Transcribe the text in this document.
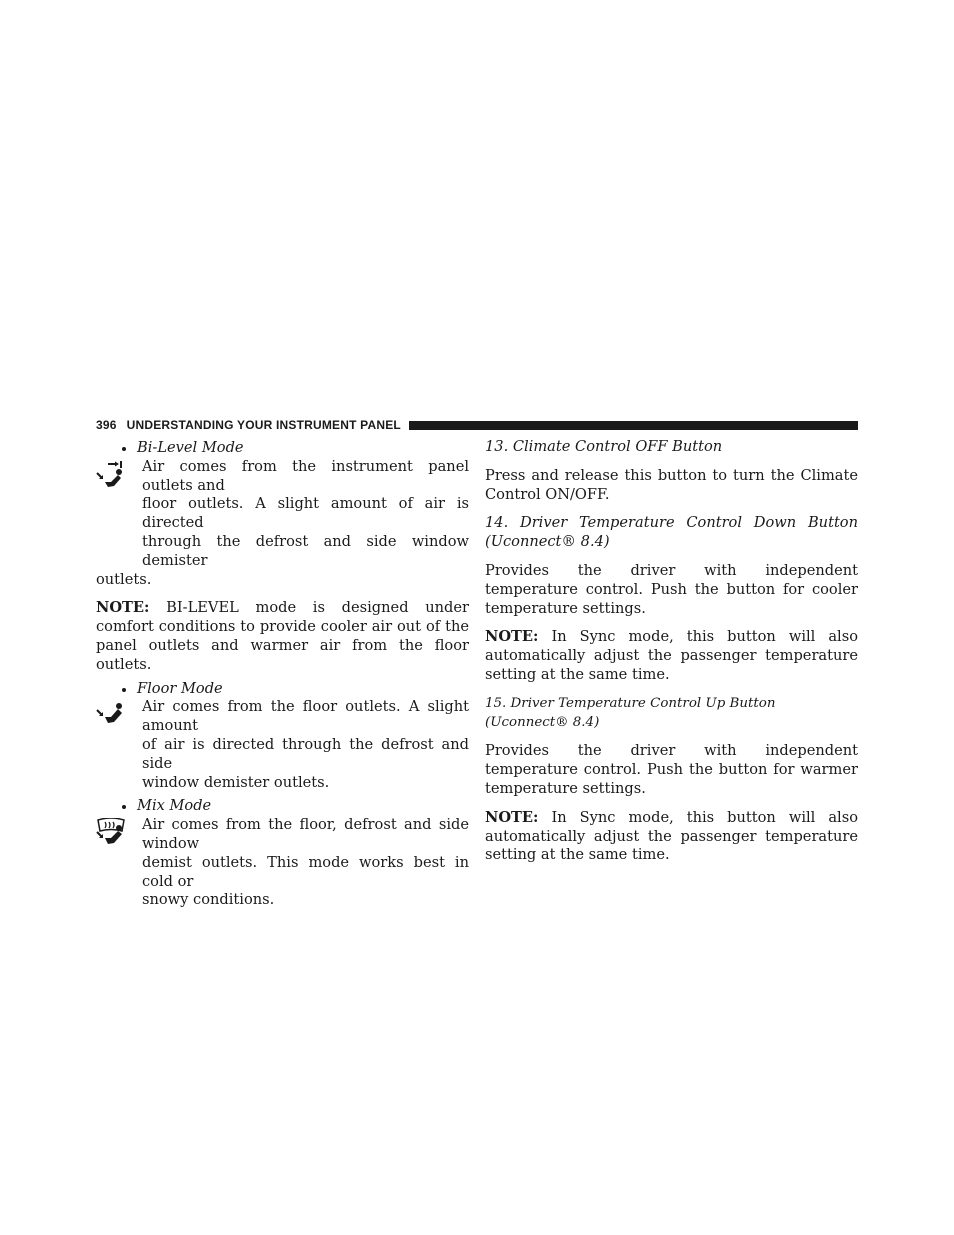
396 UNDERSTANDING YOUR INSTRUMENT PANEL
Bi-Level Mode

Air comes from the instrument panel outlets and
floor outlets. A slight amount of air is directed
through the defrost and side window demister
outlets.

NOTE: BI-LEVEL mode is designed under comfort conditions to provide cooler air out of the panel outlets and warmer air from the floor outlets.

Floor Mode

Air comes from the floor outlets. A slight amount
of air is directed through the defrost and side
window demister outlets.

Mix Mode

Air comes from the floor, defrost and side window
demist outlets. This mode works best in cold or
snowy conditions.

13. Climate Control OFF Button

Press and release this button to turn the Climate Control ON/OFF.

14. Driver Temperature Control Down Button (Uconnect® 8.4)

Provides the driver with independent temperature control. Push the button for cooler temperature settings.

NOTE: In Sync mode, this button will also automatically adjust the passenger temperature setting at the same time.

15. Driver Temperature Control Up Button (Uconnect® 8.4)

Provides the driver with independent temperature control. Push the button for warmer temperature settings.

NOTE: In Sync mode, this button will also automatically adjust the passenger temperature setting at the same time.
